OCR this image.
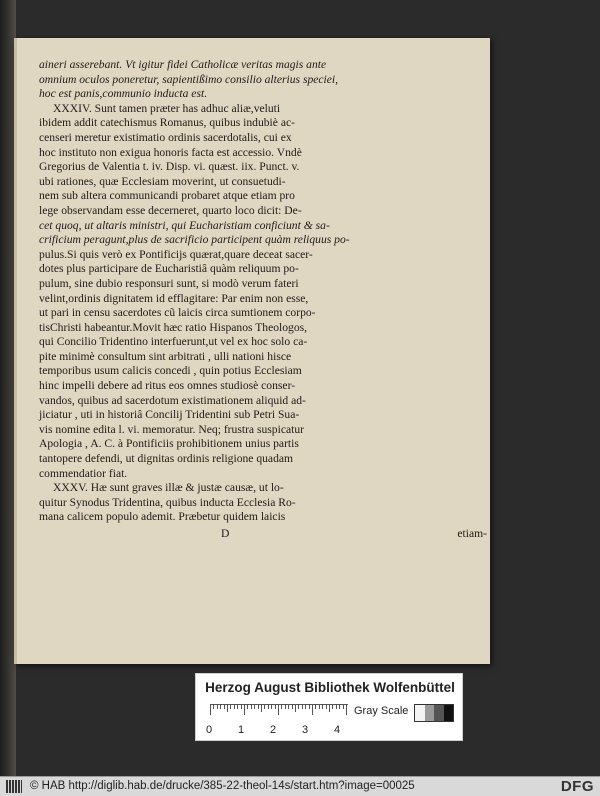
aineri asserebant. Vt igitur fidei Catholicæ veritas magis ante

omnium oculos poneretur, sapientißimo consilio alterius speciei,

hoc est panis,communio inducta est.

XXXIV. Sunt tamen præter has adhuc aliæ,veluti

ibidem addit catechismus Romanus, quibus indubiè ac-

censeri meretur existimatio ordinis sacerdotalis, cui ex

hoc instituto non exigua honoris facta est accessio. Vndè

Gregorius de Valentia t. iv. Disp. vi. quæst. iix. Punct. v.

ubi rationes, quæ Ecclesiam moverint, ut consuetudi-

nem sub altera communicandi probaret atque etiam pro

lege observandam esse decerneret, quarto loco dicit: De-

cet quoq, ut altaris ministri, qui Eucharistiam conficiunt & sa-

crificium peragunt,plus de sacrificio participent quàm reliquus po-

pulus.Si quis verò ex Pontificijs quærat,quare deceat sacer-

dotes plus participare de Eucharistiâ quàm reliquum po-

pulum, sine dubio responsuri sunt, si modò verum fateri

velint,ordinis dignitatem id efflagitare: Par enim non esse,

ut pari in censu sacerdotes cũ laicis circa sumtionem corpo-

tisChristi habeantur.Movit hæc ratio Hispanos Theologos,

qui Concilio Tridentino interfuerunt,ut vel ex hoc solo ca-

pite minimè consultum sint arbitrati , ulli nationi hisce

temporibus usum calicis concedi , quin potius Ecclesiam

hinc impelli debere ad ritus eos omnes studiosè conser-

vandos, quibus ad sacerdotum existimationem aliquid ad-

jiciatur , uti in historiâ Concilij Tridentini sub Petri Sua-

vis nomine edita l. vi. memoratur. Neq; frustra suspicatur

Apologia , A. C. à Pontificiis prohibitionem unius partis

tantopere defendi, ut dignitas ordinis religione quadam

commendatior fiat.

XXXV. Hæ sunt graves illæ & justæ causæ, ut lo-

quitur Synodus Tridentina, quibus inducta Ecclesia Ro-

mana calicem populo ademit. Præbetur quidem laicis

D	etiam-
Herzog August Bibliothek Wolfenbüttel
0 1 2 3 4
Gray Scale
© HAB http://diglib.hab.de/drucke/385-22-theol-14s/start.htm?image=00025	DFG
